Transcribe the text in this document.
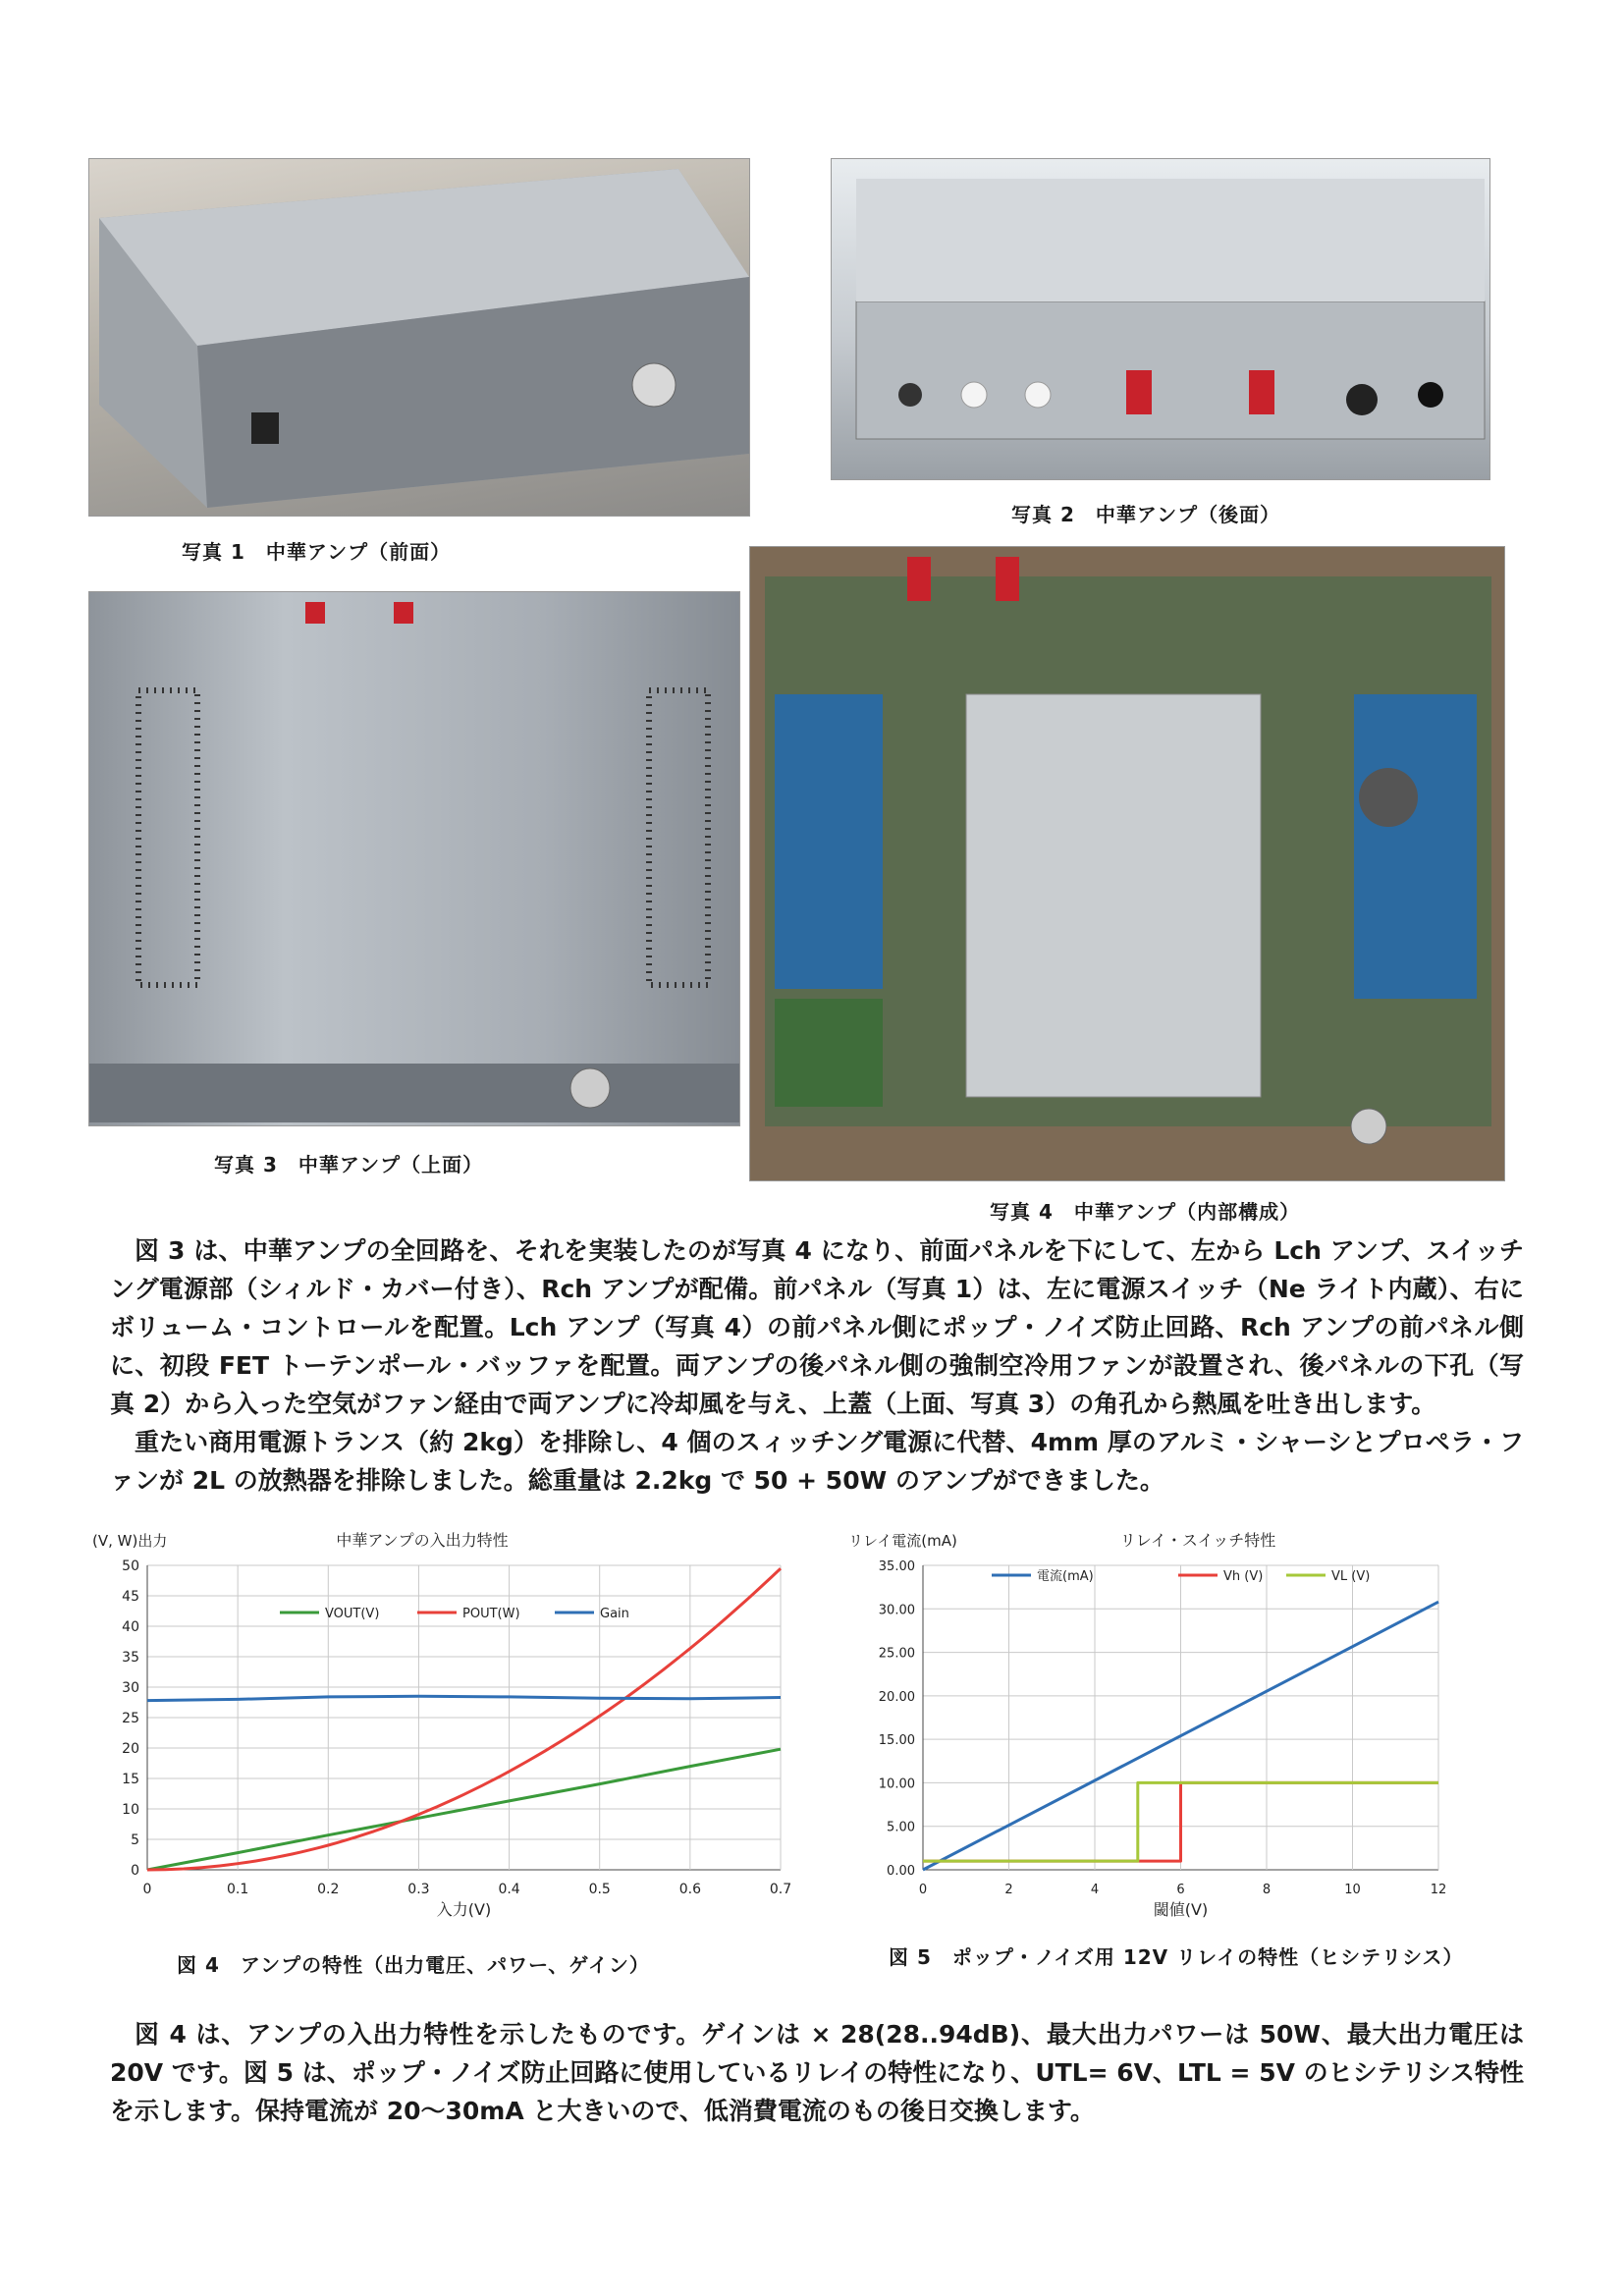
写真 1　中華アンプ（前面）
写真 2　中華アンプ（後面）
写真 3　中華アンプ（上面）
写真 4　中華アンプ（内部構成）

図 3 は、中華アンプの全回路を、それを実装したのが写真 4 になり、前面パネルを下にして、左から Lch アンプ、スイッチング電源部（シィルド・カバー付き）、Rch アンプが配備。前パネル（写真 1）は、左に電源スイッチ（Ne ライト内蔵）、右にボリューム・コントロールを配置。Lch アンプ（写真 4）の前パネル側にポップ・ノイズ防止回路、Rch アンプの前パネル側に、初段 FET トーテンポール・バッファを配置。両アンプの後パネル側の強制空冷用ファンが設置され、後パネルの下孔（写真 2）から入った空気がファン経由で両アンプに冷却風を与え、上蓋（上面、写真 3）の角孔から熱風を吐き出します。

重たい商用電源トランス（約 2kg）を排除し、4 個のスィッチング電源に代替、4mm 厚のアルミ・シャーシとプロペラ・ファンが 2L の放熱器を排除しました。総重量は 2.2kg で 50 + 50W のアンプができました。

0
5
10
15
20
25
30
35
40
45
50
0	0.1	0.2	0.3	0.4	0.5	0.6	0.7
中華アンプの入出力特性
(V, W)出力
入力(V)
VOUT(V)	POUT(W)	Gain
図 4　アンプの特性（出力電圧、パワー、ゲイン）
0.00
5.00
10.00
15.00
20.00
25.00
30.00
35.00
0	2	4	6	8	10	12
リレイ・スイッチ特性
リレイ電流(mA)
閾値(V)
電流(mA)	Vh (V)	VL (V)
図 5　ポップ・ノイズ用 12V リレイの特性（ヒシテリシス）

図 4 は、アンプの入出力特性を示したものです。ゲインは × 28(28..94dB)、最大出力パワーは 50W、最大出力電圧は 20V です。図 5 は、ポップ・ノイズ防止回路に使用しているリレイの特性になり、UTL= 6V、LTL = 5V のヒシテリシス特性を示します。保持電流が 20〜30mA と大きいので、低消費電流のもの後日交換します。
